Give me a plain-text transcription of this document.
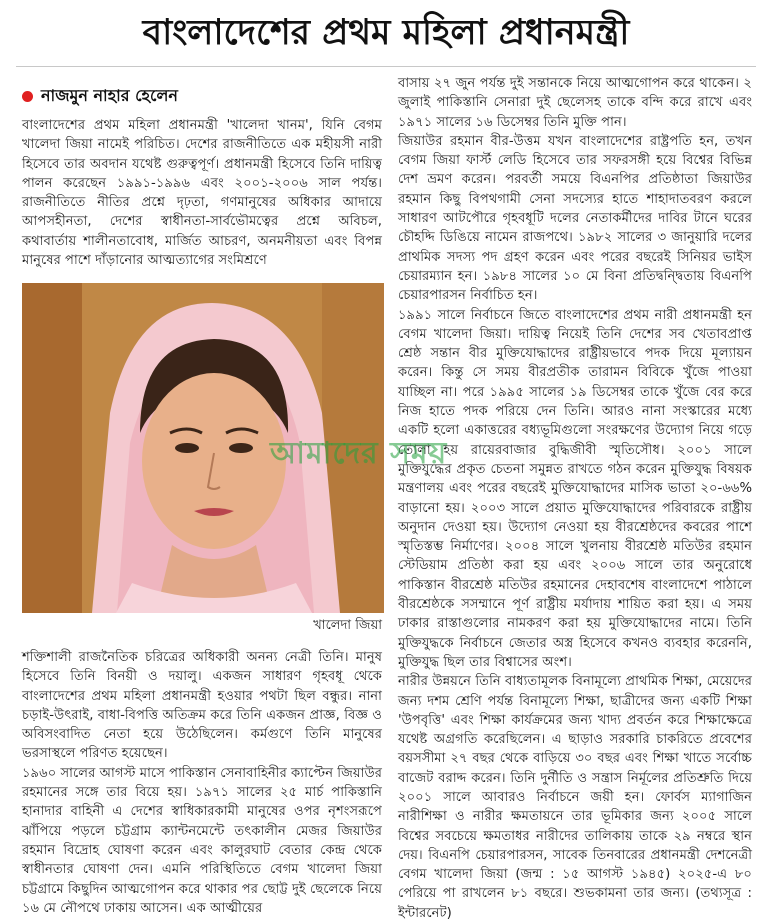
বাংলাদেশের প্রথম মহিলা প্রধানমন্ত্রী
নাজমুন নাহার হেলেন

বাংলাদেশের প্রথম মহিলা প্রধানমন্ত্রী 'খালেদা খানম', যিনি বেগম খালেদা জিয়া নামেই পরিচিত। দেশের রাজনীতিতে এক মহীয়সী নারী হিসেবে তার অবদান যথেষ্ট গুরুত্বপূর্ণ। প্রধানমন্ত্রী হিসেবে তিনি দায়িত্ব পালন করেছেন ১৯৯১-১৯৯৬ এবং ২০০১-২০০৬ সাল পর্যন্ত। রাজনীতিতে নীতির প্রশ্নে দৃঢ়তা, গণমানুষের অধিকার আদায়ে আপসহীনতা, দেশের স্বাধীনতা-সার্বভৌমত্বের প্রশ্নে অবিচল, কথাবার্তায় শালীনতাবোধ, মার্জিত আচরণ, অনমনীয়তা এবং বিপন্ন মানুষের পাশে দাঁড়ানোর আত্মত্যাগের সংমিশ্রণে

খালেদা জিয়া

শক্তিশালী রাজনৈতিক চরিত্রের অধিকারী অনন্য নেত্রী তিনি। মানুষ হিসেবে তিনি বিনয়ী ও দয়ালু। একজন সাধারণ গৃহবধূ থেকে বাংলাদেশের প্রথম মহিলা প্রধানমন্ত্রী হওয়ার পথটা ছিল বন্ধুর। নানা চড়াই-উৎরাই, বাধা-বিপত্তি অতিক্রম করে তিনি একজন প্রাজ্ঞ, বিজ্ঞ ও অবিসংবাদিত নেতা হয়ে উঠেছিলেন। কর্মগুণে তিনি মানুষের ভরসাস্থলে পরিণত হয়েছেন।

১৯৬০ সালের আগস্ট মাসে পাকিস্তান সেনাবাহিনীর ক্যাপ্টেন জিয়াউর রহমানের সঙ্গে তার বিয়ে হয়। ১৯৭১ সালের ২৫ মার্চ পাকিস্তানি হানাদার বাহিনী এ দেশের স্বাধিকারকামী মানুষের ওপর নৃশংসরূপে ঝাঁপিয়ে পড়লে চট্টগ্রাম ক্যান্টনমেন্টে তৎকালীন মেজর জিয়াউর রহমান বিদ্রোহ ঘোষণা করেন এবং কালুরঘাট বেতার কেন্দ্র থেকে স্বাধীনতার ঘোষণা দেন। এমনি পরিস্থিতিতে বেগম খালেদা জিয়া চট্টগ্রামে কিছুদিন আত্মগোপন করে থাকার পর ছোট্ট দুই ছেলেকে নিয়ে ১৬ মে নৌপথে ঢাকায় আসেন। এক আত্মীয়ের

বাসায় ২৭ জুন পর্যন্ত দুই সন্তানকে নিয়ে আত্মগোপন করে থাকেন। ২ জুলাই পাকিস্তানি সেনারা দুই ছেলেসহ তাকে বন্দি করে রাখে এবং ১৯৭১ সালের ১৬ ডিসেম্বর তিনি মুক্তি পান।

জিয়াউর রহমান বীর-উত্তম যখন বাংলাদেশের রাষ্ট্রপতি হন, তখন বেগম জিয়া ফার্স্ট লেডি হিসেবে তার সফরসঙ্গী হয়ে বিশ্বের বিভিন্ন দেশ ভ্রমণ করেন। পরবর্তী সময়ে বিএনপির প্রতিষ্ঠাতা জিয়াউর রহমান কিছু বিপথগামী সেনা সদস্যের হাতে শাহাদাতবরণ করলে সাধারণ আটপৌরে গৃহবধূটি দলের নেতাকর্মীদের দাবির টানে ঘরের চৌহদ্দি ডিঙিয়ে নামেন রাজপথে। ১৯৮২ সালের ৩ জানুয়ারি দলের প্রাথমিক সদস্য পদ গ্রহণ করেন এবং পরের বছরেই সিনিয়র ভাইস চেয়ারম্যান হন। ১৯৮৪ সালের ১০ মে বিনা প্রতিদ্বন্দ্বিতায় বিএনপি চেয়ারপারসন নির্বাচিত হন।

১৯৯১ সালে নির্বাচনে জিতে বাংলাদেশের প্রথম নারী প্রধানমন্ত্রী হন বেগম খালেদা জিয়া। দায়িত্ব নিয়েই তিনি দেশের সব খেতাবপ্রাপ্ত শ্রেষ্ঠ সন্তান বীর মুক্তিযোদ্ধাদের রাষ্ট্রীয়ভাবে পদক দিয়ে মূল্যায়ন করেন। কিন্তু সে সময় বীরপ্রতীক তারামন বিবিকে খুঁজে পাওয়া যাচ্ছিল না। পরে ১৯৯৫ সালের ১৯ ডিসেম্বর তাকে খুঁজে বের করে নিজ হাতে পদক পরিয়ে দেন তিনি। আরও নানা সংস্কারের মধ্যে একটি হলো একাত্তরের বধ্যভূমিগুলো সংরক্ষণের উদ্যোগ নিয়ে গড়ে তোলা হয় রায়েরবাজার বুদ্ধিজীবী স্মৃতিসৌধ। ২০০১ সালে মুক্তিযুদ্ধের প্রকৃত চেতনা সমুন্নত রাখতে গঠন করেন মুক্তিযুদ্ধ বিষয়ক মন্ত্রণালয় এবং পরের বছরেই মুক্তিযোদ্ধাদের মাসিক ভাতা ২০-৬৬% বাড়ানো হয়। ২০০৩ সালে প্রয়াত মুক্তিযোদ্ধাদের পরিবারকে রাষ্ট্রীয় অনুদান দেওয়া হয়। উদ্যোগ নেওয়া হয় বীরশ্রেষ্ঠদের কবরের পাশে স্মৃতিস্তম্ভ নির্মাণের। ২০০৪ সালে খুলনায় বীরশ্রেষ্ঠ মতিউর রহমান স্টেডিয়াম প্রতিষ্ঠা করা হয় এবং ২০০৬ সালে তার অনুরোধে পাকিস্তান বীরশ্রেষ্ঠ মতিউর রহমানের দেহাবশেষ বাংলাদেশে পাঠালে বীরশ্রেষ্ঠকে সসম্মানে পূর্ণ রাষ্ট্রীয় মর্যাদায় শায়িত করা হয়। এ সময় ঢাকার রাস্তাগুলোর নামকরণ করা হয় মুক্তিযোদ্ধাদের নামে। তিনি মুক্তিযুদ্ধকে নির্বাচনে জেতার অস্ত্র হিসেবে কখনও ব্যবহার করেননি, মুক্তিযুদ্ধ ছিল তার বিশ্বাসের অংশ।

নারীর উন্নয়নে তিনি বাধ্যতামূলক বিনামূল্যে প্রাথমিক শিক্ষা, মেয়েদের জন্য দশম শ্রেণি পর্যন্ত বিনামূল্যে শিক্ষা, ছাত্রীদের জন্য একটি শিক্ষা 'উপবৃত্তি' এবং শিক্ষা কার্যক্রমের জন্য খাদ্য প্রবর্তন করে শিক্ষাক্ষেত্রে যথেষ্ট অগ্রগতি করেছিলেন। এ ছাড়াও সরকারি চাকরিতে প্রবেশের বয়সসীমা ২৭ বছর থেকে বাড়িয়ে ৩০ বছর এবং শিক্ষা খাতে সর্বোচ্চ বাজেট বরাদ্দ করেন। তিনি দুর্নীতি ও সন্ত্রাস নির্মূলের প্রতিশ্রুতি দিয়ে ২০০১ সালে আবারও নির্বাচনে জয়ী হন। ফোর্বস ম্যাগাজিন নারীশিক্ষা ও নারীর ক্ষমতায়নে তার ভূমিকার জন্য ২০০৫ সালে বিশ্বের সবচেয়ে ক্ষমতাধর নারীদের তালিকায় তাকে ২৯ নম্বরে স্থান দেয়। বিএনপি চেয়ারপারসন, সাবেক তিনবারের প্রধানমন্ত্রী দেশনেত্রী বেগম খালেদা জিয়া (জন্ম : ১৫ আগস্ট ১৯৪৫) ২০২৫-এ ৮০ পেরিয়ে পা রাখলেন ৮১ বছরে। শুভকামনা তার জন্য। (তথ্যসূত্র : ইন্টারনেট)

আমাদের সময়
